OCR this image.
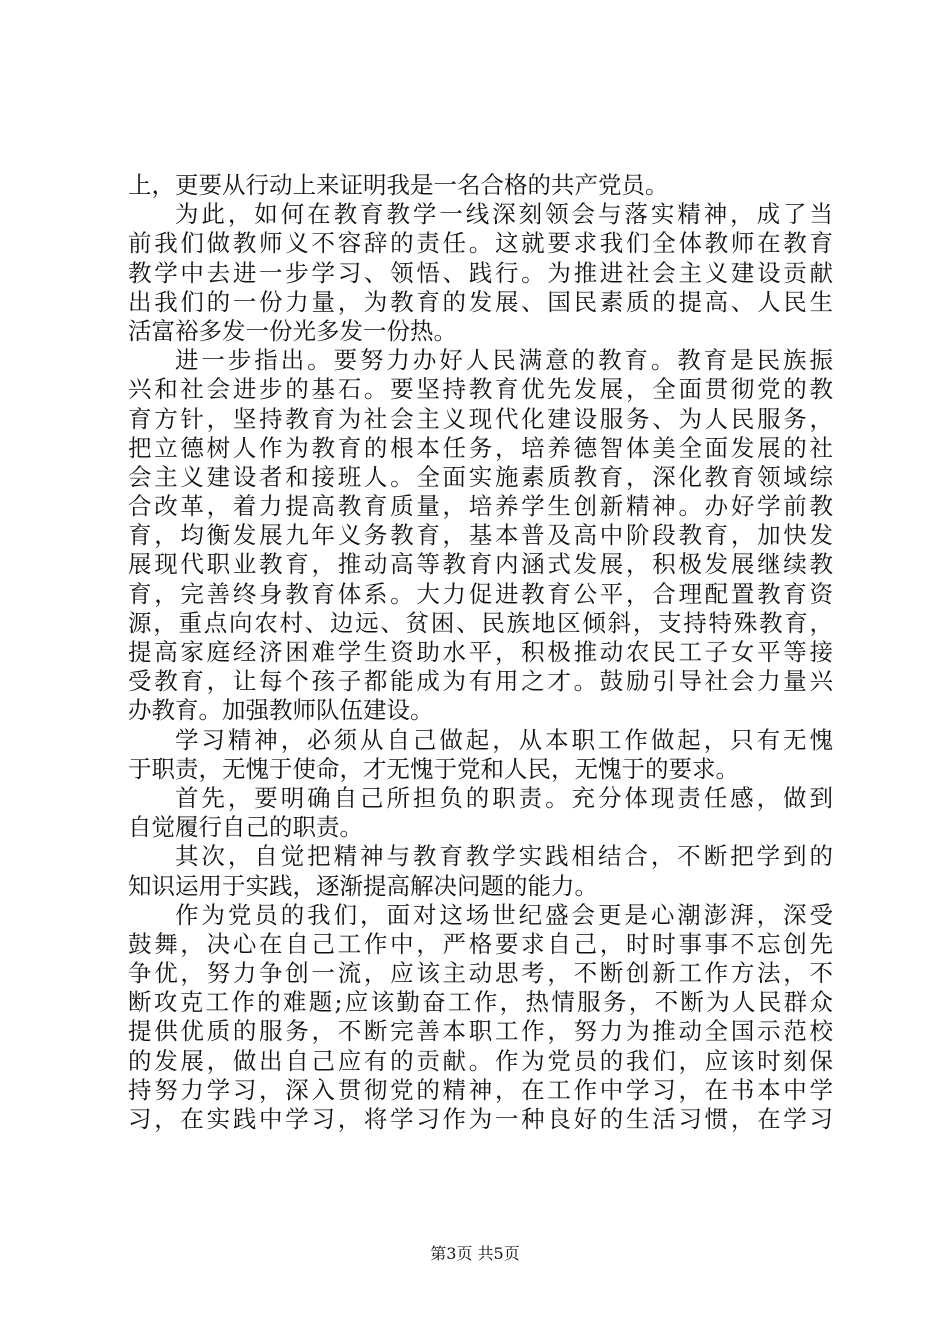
上，更要从行动上来证明我是一名合格的共产党员。
为此，如何在教育教学一线深刻领会与落实精神，成了当
前我们做教师义不容辞的责任。这就要求我们全体教师在教育
教学中去进一步学习、领悟、践行。为推进社会主义建设贡献
出我们的一份力量，为教育的发展、国民素质的提高、人民生
活富裕多发一份光多发一份热。
进一步指出。要努力办好人民满意的教育。教育是民族振
兴和社会进步的基石。要坚持教育优先发展，全面贯彻党的教
育方针，坚持教育为社会主义现代化建设服务、为人民服务，
把立德树人作为教育的根本任务，培养德智体美全面发展的社
会主义建设者和接班人。全面实施素质教育，深化教育领域综
合改革，着力提高教育质量，培养学生创新精神。办好学前教
育，均衡发展九年义务教育，基本普及高中阶段教育，加快发
展现代职业教育，推动高等教育内涵式发展，积极发展继续教
育，完善终身教育体系。大力促进教育公平，合理配置教育资
源，重点向农村、边远、贫困、民族地区倾斜，支持特殊教育，
提高家庭经济困难学生资助水平，积极推动农民工子女平等接
受教育，让每个孩子都能成为有用之才。鼓励引导社会力量兴
办教育。加强教师队伍建设。
学习精神，必须从自己做起，从本职工作做起，只有无愧
于职责，无愧于使命，才无愧于党和人民，无愧于的要求。
首先，要明确自己所担负的职责。充分体现责任感，做到
自觉履行自己的职责。
其次，自觉把精神与教育教学实践相结合，不断把学到的
知识运用于实践，逐渐提高解决问题的能力。
作为党员的我们，面对这场世纪盛会更是心潮澎湃，深受
鼓舞，决心在自己工作中，严格要求自己，时时事事不忘创先
争优，努力争创一流，应该主动思考，不断创新工作方法，不
断攻克工作的难题;应该勤奋工作，热情服务，不断为人民群众
提供优质的服务，不断完善本职工作，努力为推动全国示范校
的发展，做出自己应有的贡献。作为党员的我们，应该时刻保
持努力学习，深入贯彻党的精神，在工作中学习，在书本中学
习，在实践中学习，将学习作为一种良好的生活习惯，在学习
第3页 共5页
